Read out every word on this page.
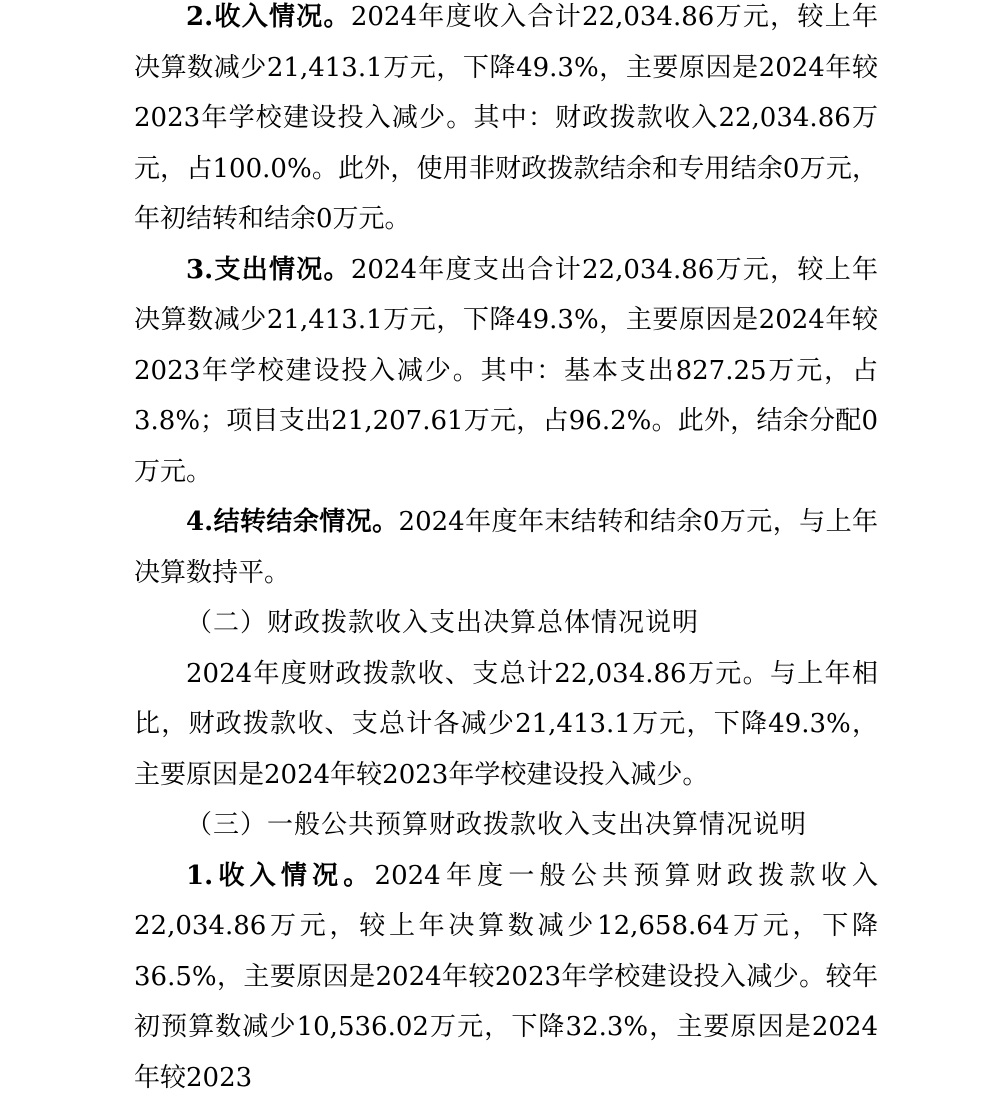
2.收入情况。2024年度收入合计22,034.86万元，较上年决算数减少21,413.1万元，下降49.3%，主要原因是2024年较2023年学校建设投入减少。其中：财政拨款收入22,034.86万元，占100.0%。此外，使用非财政拨款结余和专用结余0万元，年初结转和结余0万元。

3.支出情况。2024年度支出合计22,034.86万元，较上年决算数减少21,413.1万元，下降49.3%，主要原因是2024年较2023年学校建设投入减少。其中：基本支出827.25万元，占3.8%；项目支出21,207.61万元，占96.2%。此外，结余分配0万元。

4.结转结余情况。2024年度年末结转和结余0万元，与上年决算数持平。

（二）财政拨款收入支出决算总体情况说明

2024年度财政拨款收、支总计22,034.86万元。与上年相比，财政拨款收、支总计各减少21,413.1万元，下降49.3%，主要原因是2024年较2023年学校建设投入减少。

（三）一般公共预算财政拨款收入支出决算情况说明

1.收入情况。2024年度一般公共预算财政拨款收入22,034.86万元，较上年决算数减少12,658.64万元，下降36.5%，主要原因是2024年较2023年学校建设投入减少。较年初预算数减少10,536.02万元，下降32.3%，主要原因是2024年较2023
